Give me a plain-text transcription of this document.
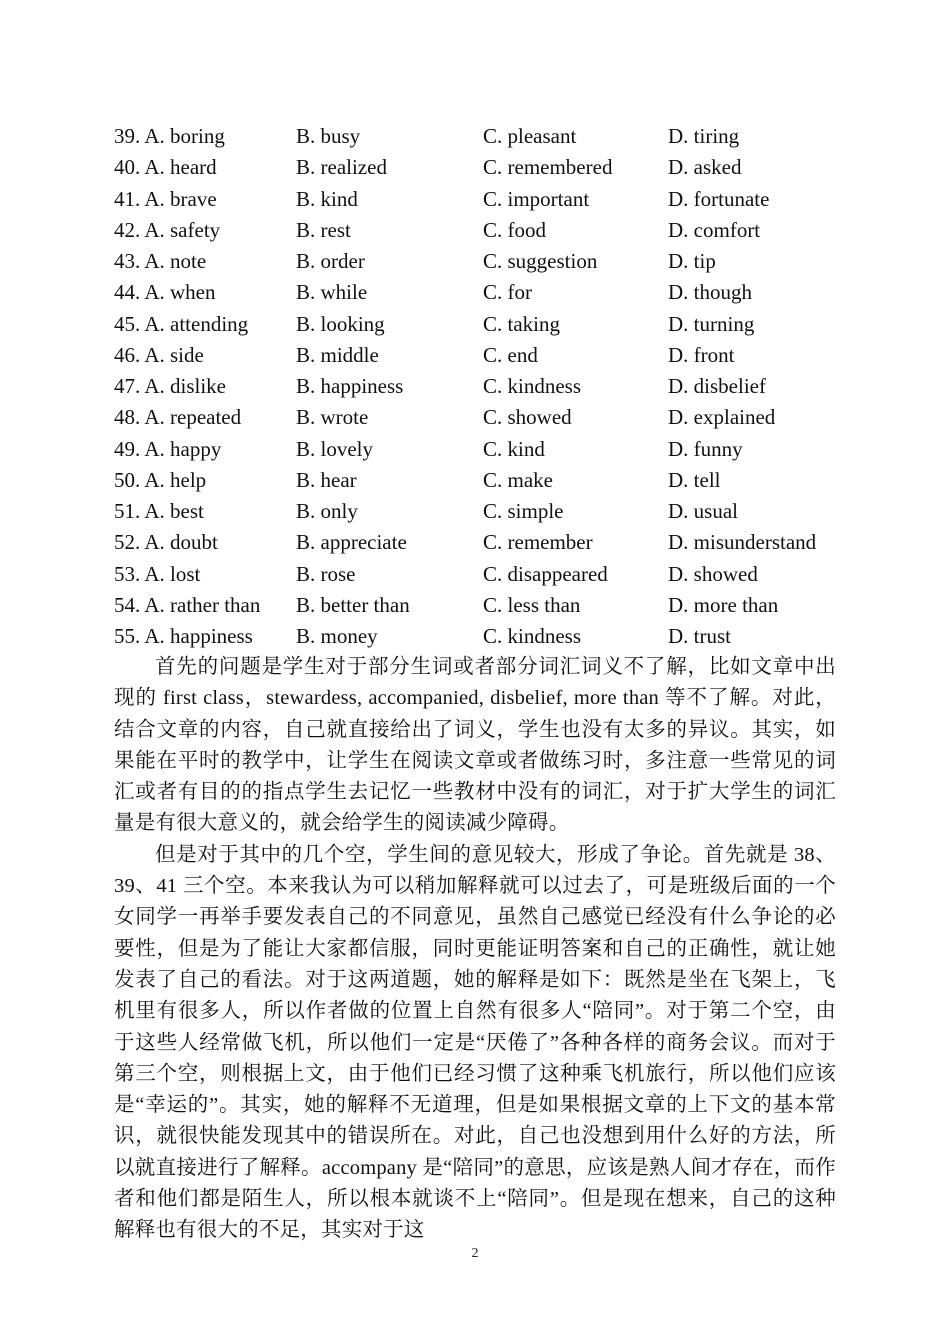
39. A. boring	B. busy	C. pleasant	D. tiring
40. A. heard	B. realized	C. remembered	D. asked
41. A. brave	B. kind	C. important	D. fortunate
42. A. safety	B. rest	C. food	D. comfort
43. A. note	B. order	C. suggestion	D. tip
44. A. when	B. while	C. for	D. though
45. A. attending B. looking	C. taking	D. turning
46. A. side	B. middle	C. end	D. front
47. A. dislike	B. happiness	C. kindness	D. disbelief
48. A. repeated	B. wrote	C. showed	D. explained
49. A. happy	B. lovely	C. kind	D. funny
50. A. help	B. hear	C. make	D. tell
51. A. best	B. only	C. simple	D. usual
52. A. doubt	B. appreciate	C. remember	D. misunderstand
53. A. lost	B. rose	C. disappeared	D. showed
54. A. rather than B. better than	C. less than	D. more than
55. A. happiness B. money	C. kindness	D. trust

首先的问题是学生对于部分生词或者部分词汇词义不了解，比如文章中出现的 first class，stewardess, accompanied, disbelief, more than 等不了解。对此，结合文章的内容，自己就直接给出了词义，学生也没有太多的异议。其实，如果能在平时的教学中，让学生在阅读文章或者做练习时，多注意一些常见的词汇或者有目的的指点学生去记忆一些教材中没有的词汇，对于扩大学生的词汇量是有很大意义的，就会给学生的阅读减少障碍。

但是对于其中的几个空，学生间的意见较大，形成了争论。首先就是 38、39、41 三个空。本来我认为可以稍加解释就可以过去了，可是班级后面的一个女同学一再举手要发表自己的不同意见，虽然自己感觉已经没有什么争论的必要性，但是为了能让大家都信服，同时更能证明答案和自己的正确性，就让她发表了自己的看法。对于这两道题，她的解释是如下：既然是坐在飞架上，飞机里有很多人，所以作者做的位置上自然有很多人“陪同”。对于第二个空，由于这些人经常做飞机，所以他们一定是“厌倦了”各种各样的商务会议。而对于第三个空，则根据上文，由于他们已经习惯了这种乘飞机旅行，所以他们应该是“幸运的”。其实，她的解释不无道理，但是如果根据文章的上下文的基本常识，就很快能发现其中的错误所在。对此，自己也没想到用什么好的方法，所以就直接进行了解释。accompany 是“陪同”的意思，应该是熟人间才存在，而作者和他们都是陌生人，所以根本就谈不上“陪同”。但是现在想来，自己的这种解释也有很大的不足，其实对于这

2
